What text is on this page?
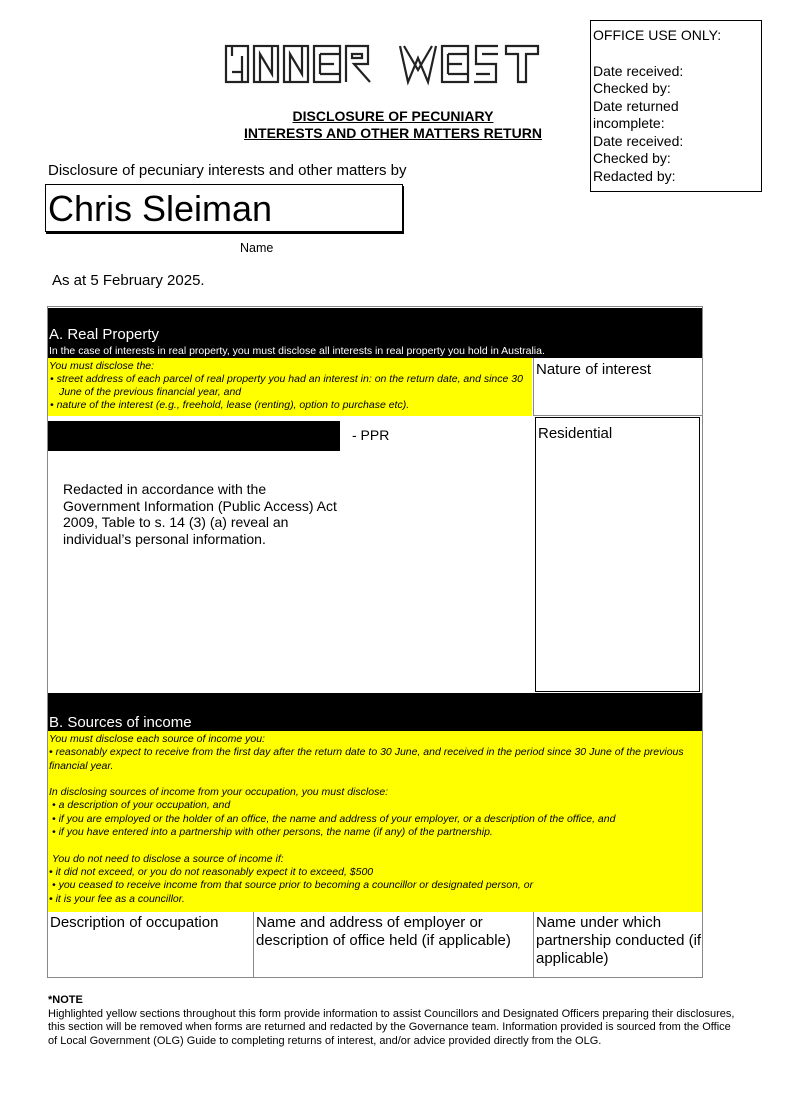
OFFICE USE ONLY:
Date received:
Checked by:
Date returned
incomplete:
Date received:
Checked by:
Redacted by:
DISCLOSURE OF PECUNIARY
INTERESTS AND OTHER MATTERS RETURN
Disclosure of pecuniary interests and other matters by
Chris Sleiman
Name
As at 5 February 2025.
A. Real Property
In the case of interests in real property, you must disclose all interests in real property you hold in Australia.
You must disclose the:
• street address of each parcel of real property you had an interest in: on the return date, and since 30 June of the previous financial year, and
• nature of the interest (e.g., freehold, lease (renting), option to purchase etc).
Nature of interest
- PPR
Redacted in accordance with the Government Information (Public Access) Act 2009, Table to s. 14 (3) (a) reveal an individual’s personal information.
Residential
B. Sources of income
You must disclose each source of income you:
• reasonably expect to receive from the first day after the return date to 30 June, and received in the period since 30 June of the previous financial year.
In disclosing sources of income from your occupation, you must disclose:
• a description of your occupation, and
• if you are employed or the holder of an office, the name and address of your employer, or a description of the office, and
• if you have entered into a partnership with other persons, the name (if any) of the partnership.
You do not need to disclose a source of income if:
• it did not exceed, or you do not reasonably expect it to exceed, $500
• you ceased to receive income from that source prior to becoming a councillor or designated person, or
• it is your fee as a councillor.
Description of occupation	Name and address of employer or description of office held (if applicable)
Name under which partnership conducted (if applicable)
*NOTE
Highlighted yellow sections throughout this form provide information to assist Councillors and Designated Officers preparing their disclosures, this section will be removed when forms are returned and redacted by the Governance team. Information provided is sourced from the Office of Local Government (OLG) Guide to completing returns of interest, and/or advice provided directly from the OLG.
